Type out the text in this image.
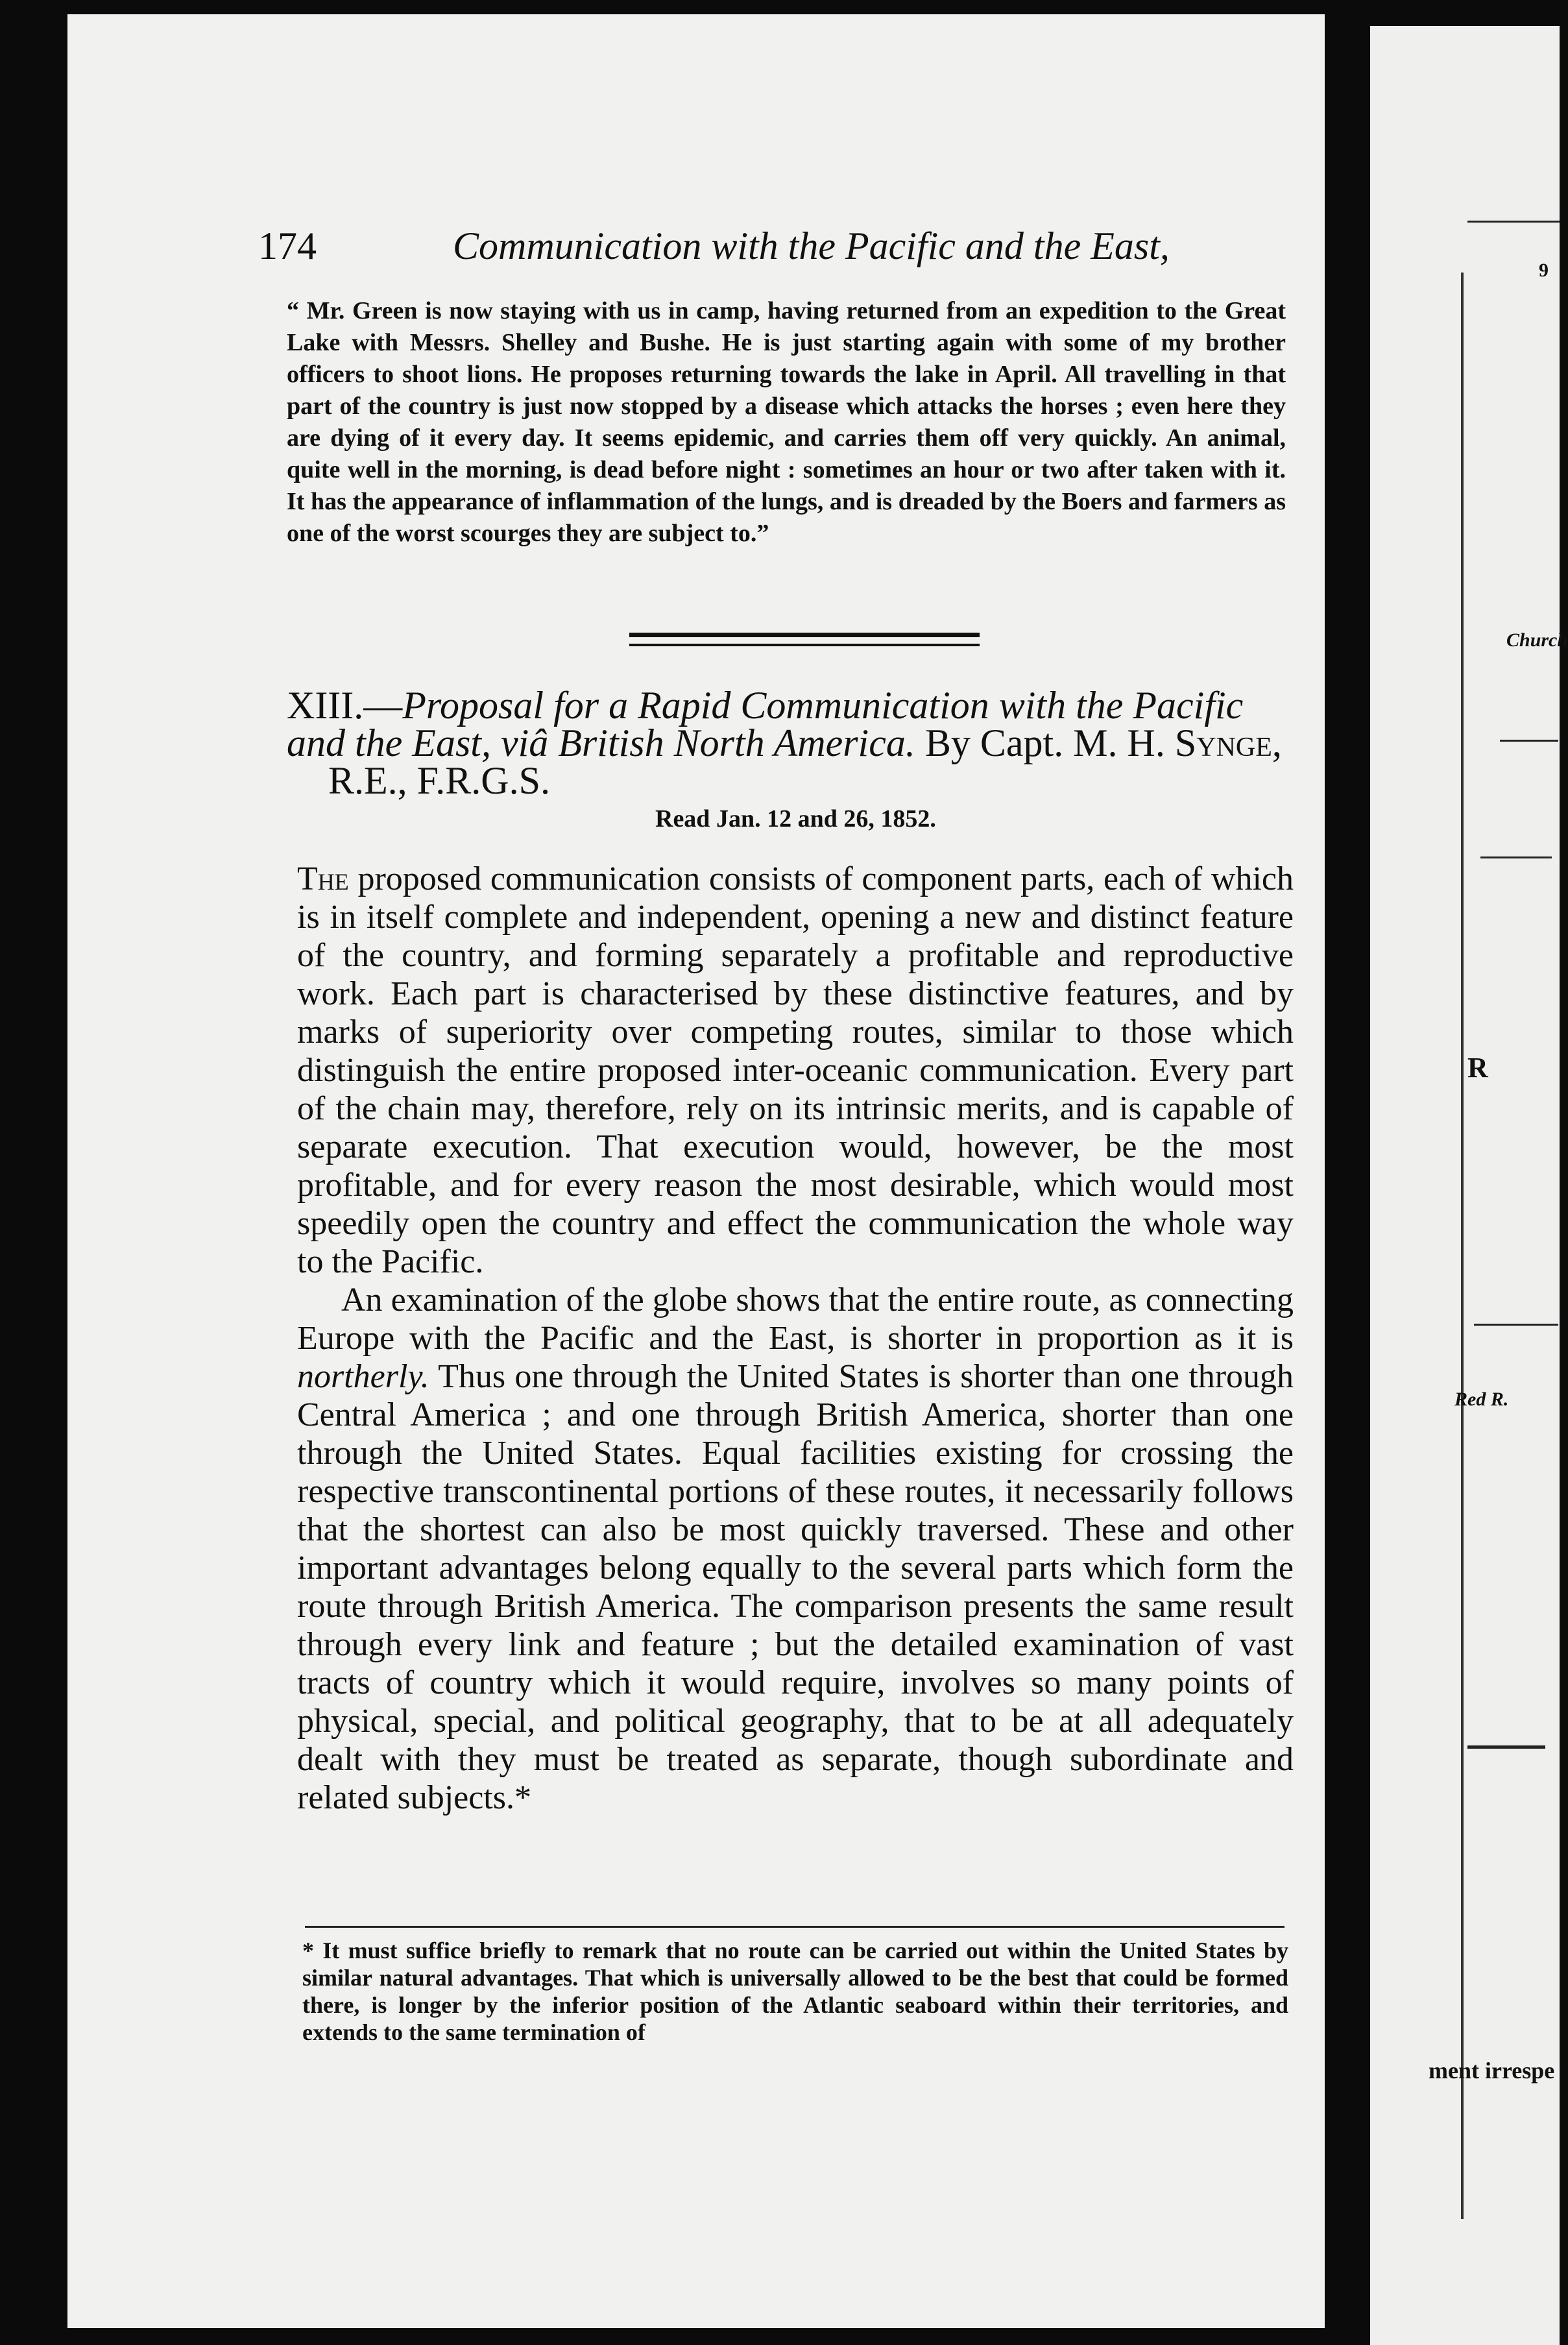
9
Church
R
Red R.
ment irrespe
174	Communication with the Pacific and the East,
“ Mr. Green is now staying with us in camp, having returned from an expedition to the Great Lake with Messrs. Shelley and Bushe. He is just starting again with some of my brother officers to shoot lions. He proposes returning towards the lake in April. All travelling in that part of the country is just now stopped by a disease which attacks the horses ; even here they are dying of it every day. It seems epidemic, and carries them off very quickly. An animal, quite well in the morning, is dead before night : sometimes an hour or two after taken with it. It has the appearance of inflammation of the lungs, and is dreaded by the Boers and farmers as one of the worst scourges they are subject to.”
XIII.—Proposal for a Rapid Communication with the Pacific and the East, viâ British North America. By Capt. M. H. Synge,
R.E., F.R.G.S.
Read Jan. 12 and 26, 1852.

The proposed communication consists of component parts, each of which is in itself complete and independent, opening a new and distinct feature of the country, and forming separately a profitable and reproductive work. Each part is characterised by these distinctive features, and by marks of superiority over competing routes, similar to those which distinguish the entire proposed inter-oceanic communication. Every part of the chain may, therefore, rely on its intrinsic merits, and is capable of separate execution. That execution would, however, be the most profitable, and for every reason the most desirable, which would most speedily open the country and effect the communication the whole way to the Pacific.

An examination of the globe shows that the entire route, as connecting Europe with the Pacific and the East, is shorter in proportion as it is northerly. Thus one through the United States is shorter than one through Central America ; and one through British America, shorter than one through the United States. Equal facilities existing for crossing the respective transcontinental portions of these routes, it necessarily follows that the shortest can also be most quickly traversed. These and other important advantages belong equally to the several parts which form the route through British America. The comparison presents the same result through every link and feature ; but the detailed examination of vast tracts of country which it would require, involves so many points of physical, special, and political geography, that to be at all adequately dealt with they must be treated as separate, though subordinate and related subjects.*

* It must suffice briefly to remark that no route can be carried out within the United States by similar natural advantages. That which is universally allowed to be the best that could be formed there, is longer by the inferior position of the Atlantic seaboard within their territories, and extends to the same termination of
